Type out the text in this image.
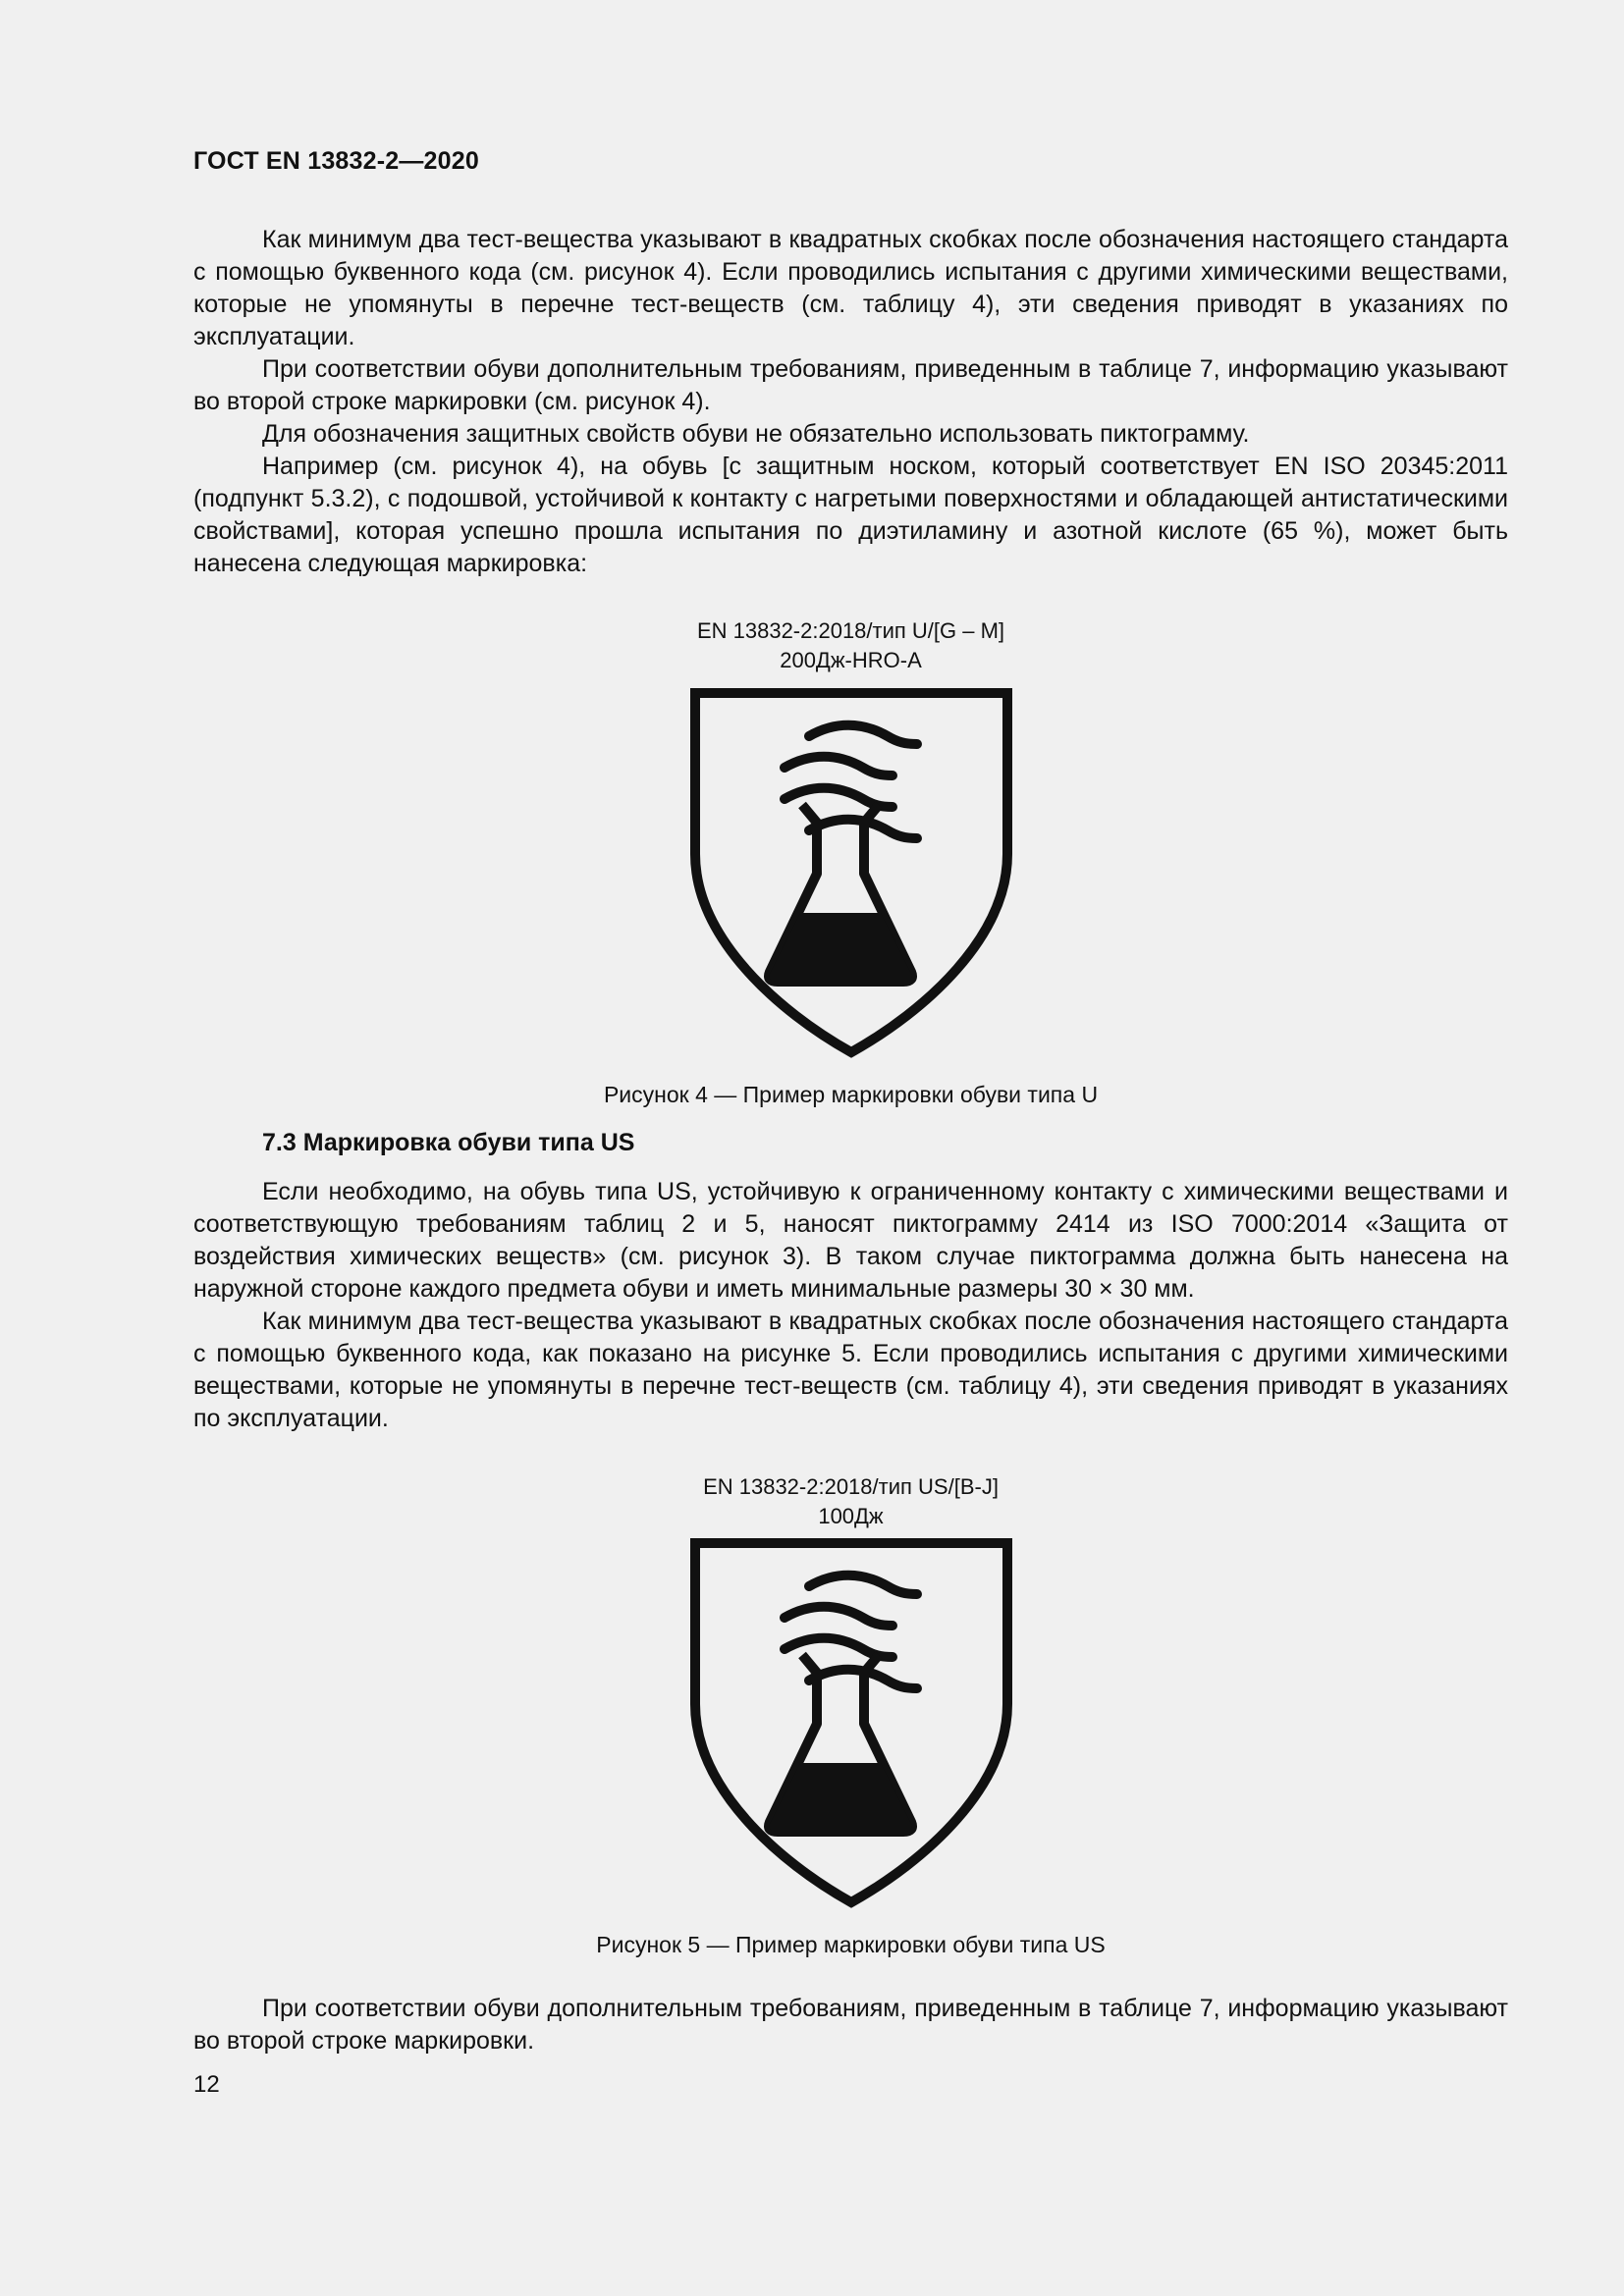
ГОСТ EN 13832-2—2020
Как минимум два тест-вещества указывают в квадратных скобках после обозначения настоящего стандарта с помощью буквенного кода (см. рисунок 4). Если проводились испытания с другими химическими веществами, которые не упомянуты в перечне тест-веществ (см. таблицу 4), эти сведения приводят в указаниях по эксплуатации.
При соответствии обуви дополнительным требованиям, приведенным в таблице 7, информацию указывают во второй строке маркировки (см. рисунок 4).
Для обозначения защитных свойств обуви не обязательно использовать пиктограмму.
Например (см. рисунок 4), на обувь [с защитным носком, который соответствует EN ISO 20345:2011 (подпункт 5.3.2), с подошвой, устойчивой к контакту с нагретыми поверхностями и обладающей антистатическими свойствами], которая успешно прошла испытания по диэтиламину и азотной кислоте (65 %), может быть нанесена следующая маркировка:
EN 13832-2:2018/тип U/[G – M]
200Дж-HRO-A
Рисунок 4 — Пример маркировки обуви типа U
7.3 Маркировка обуви типа US
Если необходимо, на обувь типа US, устойчивую к ограниченному контакту с химическими веществами и соответствующую требованиям таблиц 2 и 5, наносят пиктограмму 2414 из ISO 7000:2014 «Защита от воздействия химических веществ» (см. рисунок 3). В таком случае пиктограмма должна быть нанесена на наружной стороне каждого предмета обуви и иметь минимальные размеры 30 × 30 мм.
Как минимум два тест-вещества указывают в квадратных скобках после обозначения настоящего стандарта с помощью буквенного кода, как показано на рисунке 5. Если проводились испытания с другими химическими веществами, которые не упомянуты в перечне тест-веществ (см. таблицу 4), эти сведения приводят в указаниях по эксплуатации.
EN 13832-2:2018/тип US/[B-J]
100Дж
Рисунок 5 — Пример маркировки обуви типа US
При соответствии обуви дополнительным требованиям, приведенным в таблице 7, информацию указывают во второй строке маркировки.
12
